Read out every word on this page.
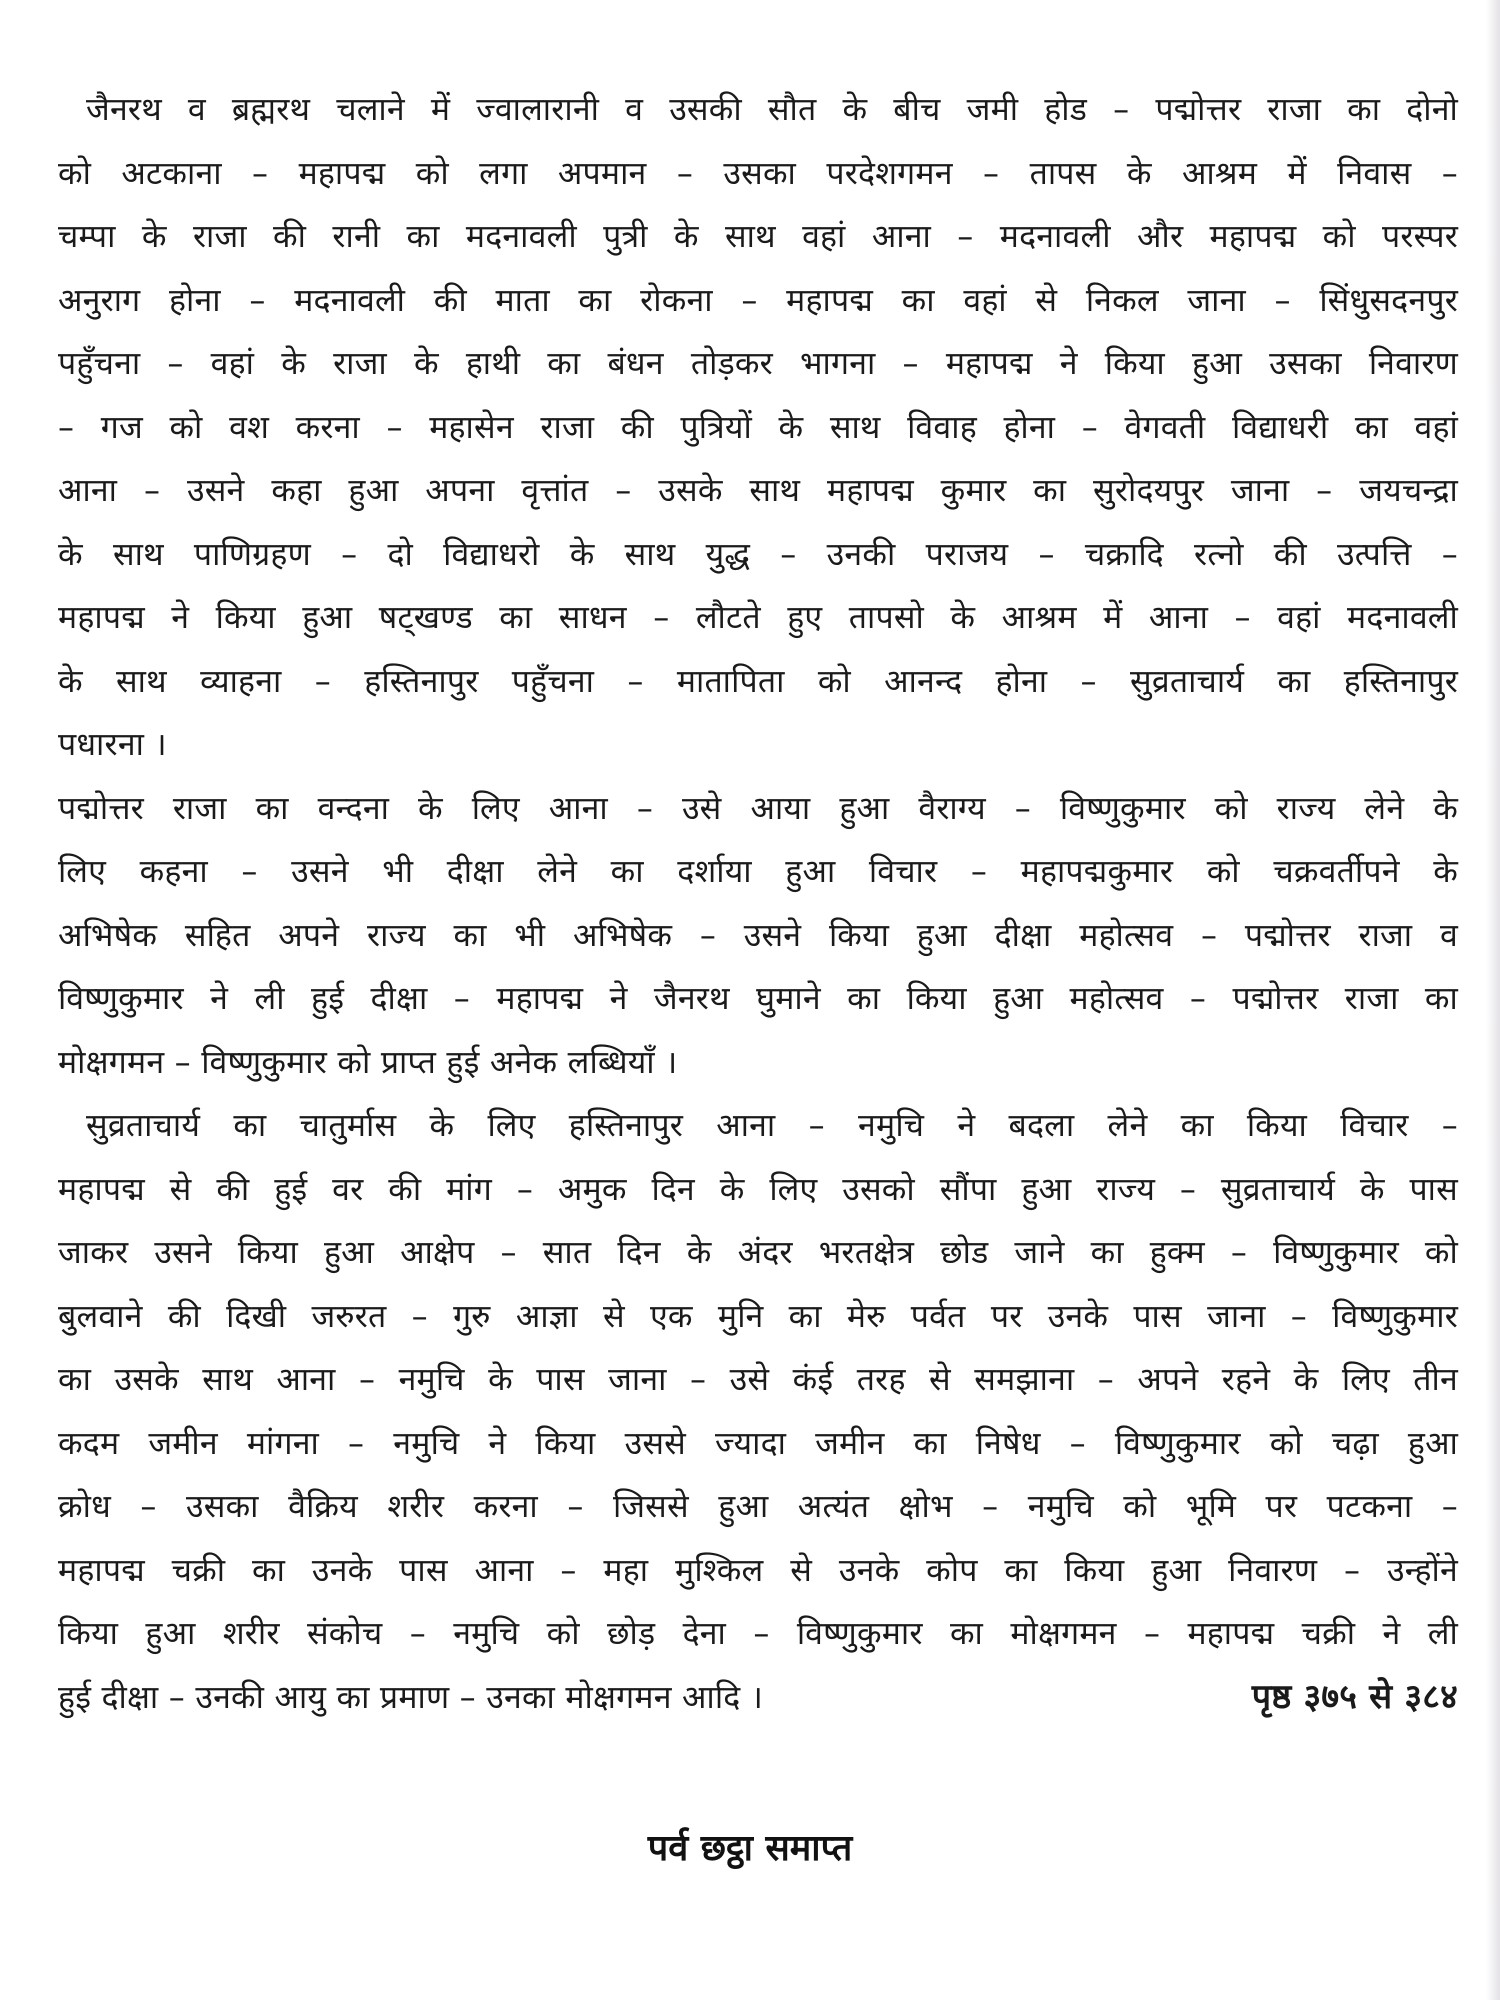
जैनरथ व ब्रह्मरथ चलाने में ज्वालारानी व उसकी सौत के बीच जमी होड – पद्मोत्तर राजा का दोनो
को अटकाना – महापद्म को लगा अपमान – उसका परदेशगमन – तापस के आश्रम में निवास –
चम्पा के राजा की रानी का मदनावली पुत्री के साथ वहां आना – मदनावली और महापद्म को परस्पर
अनुराग होना – मदनावली की माता का रोकना – महापद्म का वहां से निकल जाना – सिंधुसदनपुर
पहुँचना – वहां के राजा के हाथी का बंधन तोड़कर भागना – महापद्म ने किया हुआ उसका निवारण
– गज को वश करना – महासेन राजा की पुत्रियों के साथ विवाह होना – वेगवती विद्याधरी का वहां
आना – उसने कहा हुआ अपना वृत्तांत – उसके साथ महापद्म कुमार का सुरोदयपुर जाना – जयचन्द्रा
के साथ पाणिग्रहण – दो विद्याधरो के साथ युद्ध – उनकी पराजय – चक्रादि रत्नो की उत्पत्ति –
महापद्म ने किया हुआ षट्खण्ड का साधन – लौटते हुए तापसो के आश्रम में आना – वहां मदनावली
के साथ व्याहना – हस्तिनापुर पहुँचना – मातापिता को आनन्द होना – सुव्रताचार्य का हस्तिनापुर
पधारना ।
पद्मोत्तर राजा का वन्दना के लिए आना – उसे आया हुआ वैराग्य – विष्णुकुमार को राज्य लेने के
लिए कहना – उसने भी दीक्षा लेने का दर्शाया हुआ विचार – महापद्मकुमार को चक्रवर्तीपने के
अभिषेक सहित अपने राज्य का भी अभिषेक – उसने किया हुआ दीक्षा महोत्सव – पद्मोत्तर राजा व
विष्णुकुमार ने ली हुई दीक्षा – महापद्म ने जैनरथ घुमाने का किया हुआ महोत्सव – पद्मोत्तर राजा का
मोक्षगमन – विष्णुकुमार को प्राप्त हुई अनेक लब्धियाँ ।
सुव्रताचार्य का चातुर्मास के लिए हस्तिनापुर आना – नमुचि ने बदला लेने का किया विचार –
महापद्म से की हुई वर की मांग – अमुक दिन के लिए उसको सौंपा हुआ राज्य – सुव्रताचार्य के पास
जाकर उसने किया हुआ आक्षेप – सात दिन के अंदर भरतक्षेत्र छोड जाने का हुक्म – विष्णुकुमार को
बुलवाने की दिखी जरुरत – गुरु आज्ञा से एक मुनि का मेरु पर्वत पर उनके पास जाना – विष्णुकुमार
का उसके साथ आना – नमुचि के पास जाना – उसे कंई तरह से समझाना – अपने रहने के लिए तीन
कदम जमीन मांगना – नमुचि ने किया उससे ज्यादा जमीन का निषेध – विष्णुकुमार को चढ़ा हुआ
क्रोध – उसका वैक्रिय शरीर करना – जिससे हुआ अत्यंत क्षोभ – नमुचि को भूमि पर पटकना –
महापद्म चक्री का उनके पास आना – महा मुश्किल से उनके कोप का किया हुआ निवारण – उन्होंने
किया हुआ शरीर संकोच – नमुचि को छोड़ देना – विष्णुकुमार का मोक्षगमन – महापद्म चक्री ने ली
हुई दीक्षा – उनकी आयु का प्रमाण – उनका मोक्षगमन आदि ।	पृष्ठ ३७५ से ३८४
पर्व छट्ठा समाप्त
